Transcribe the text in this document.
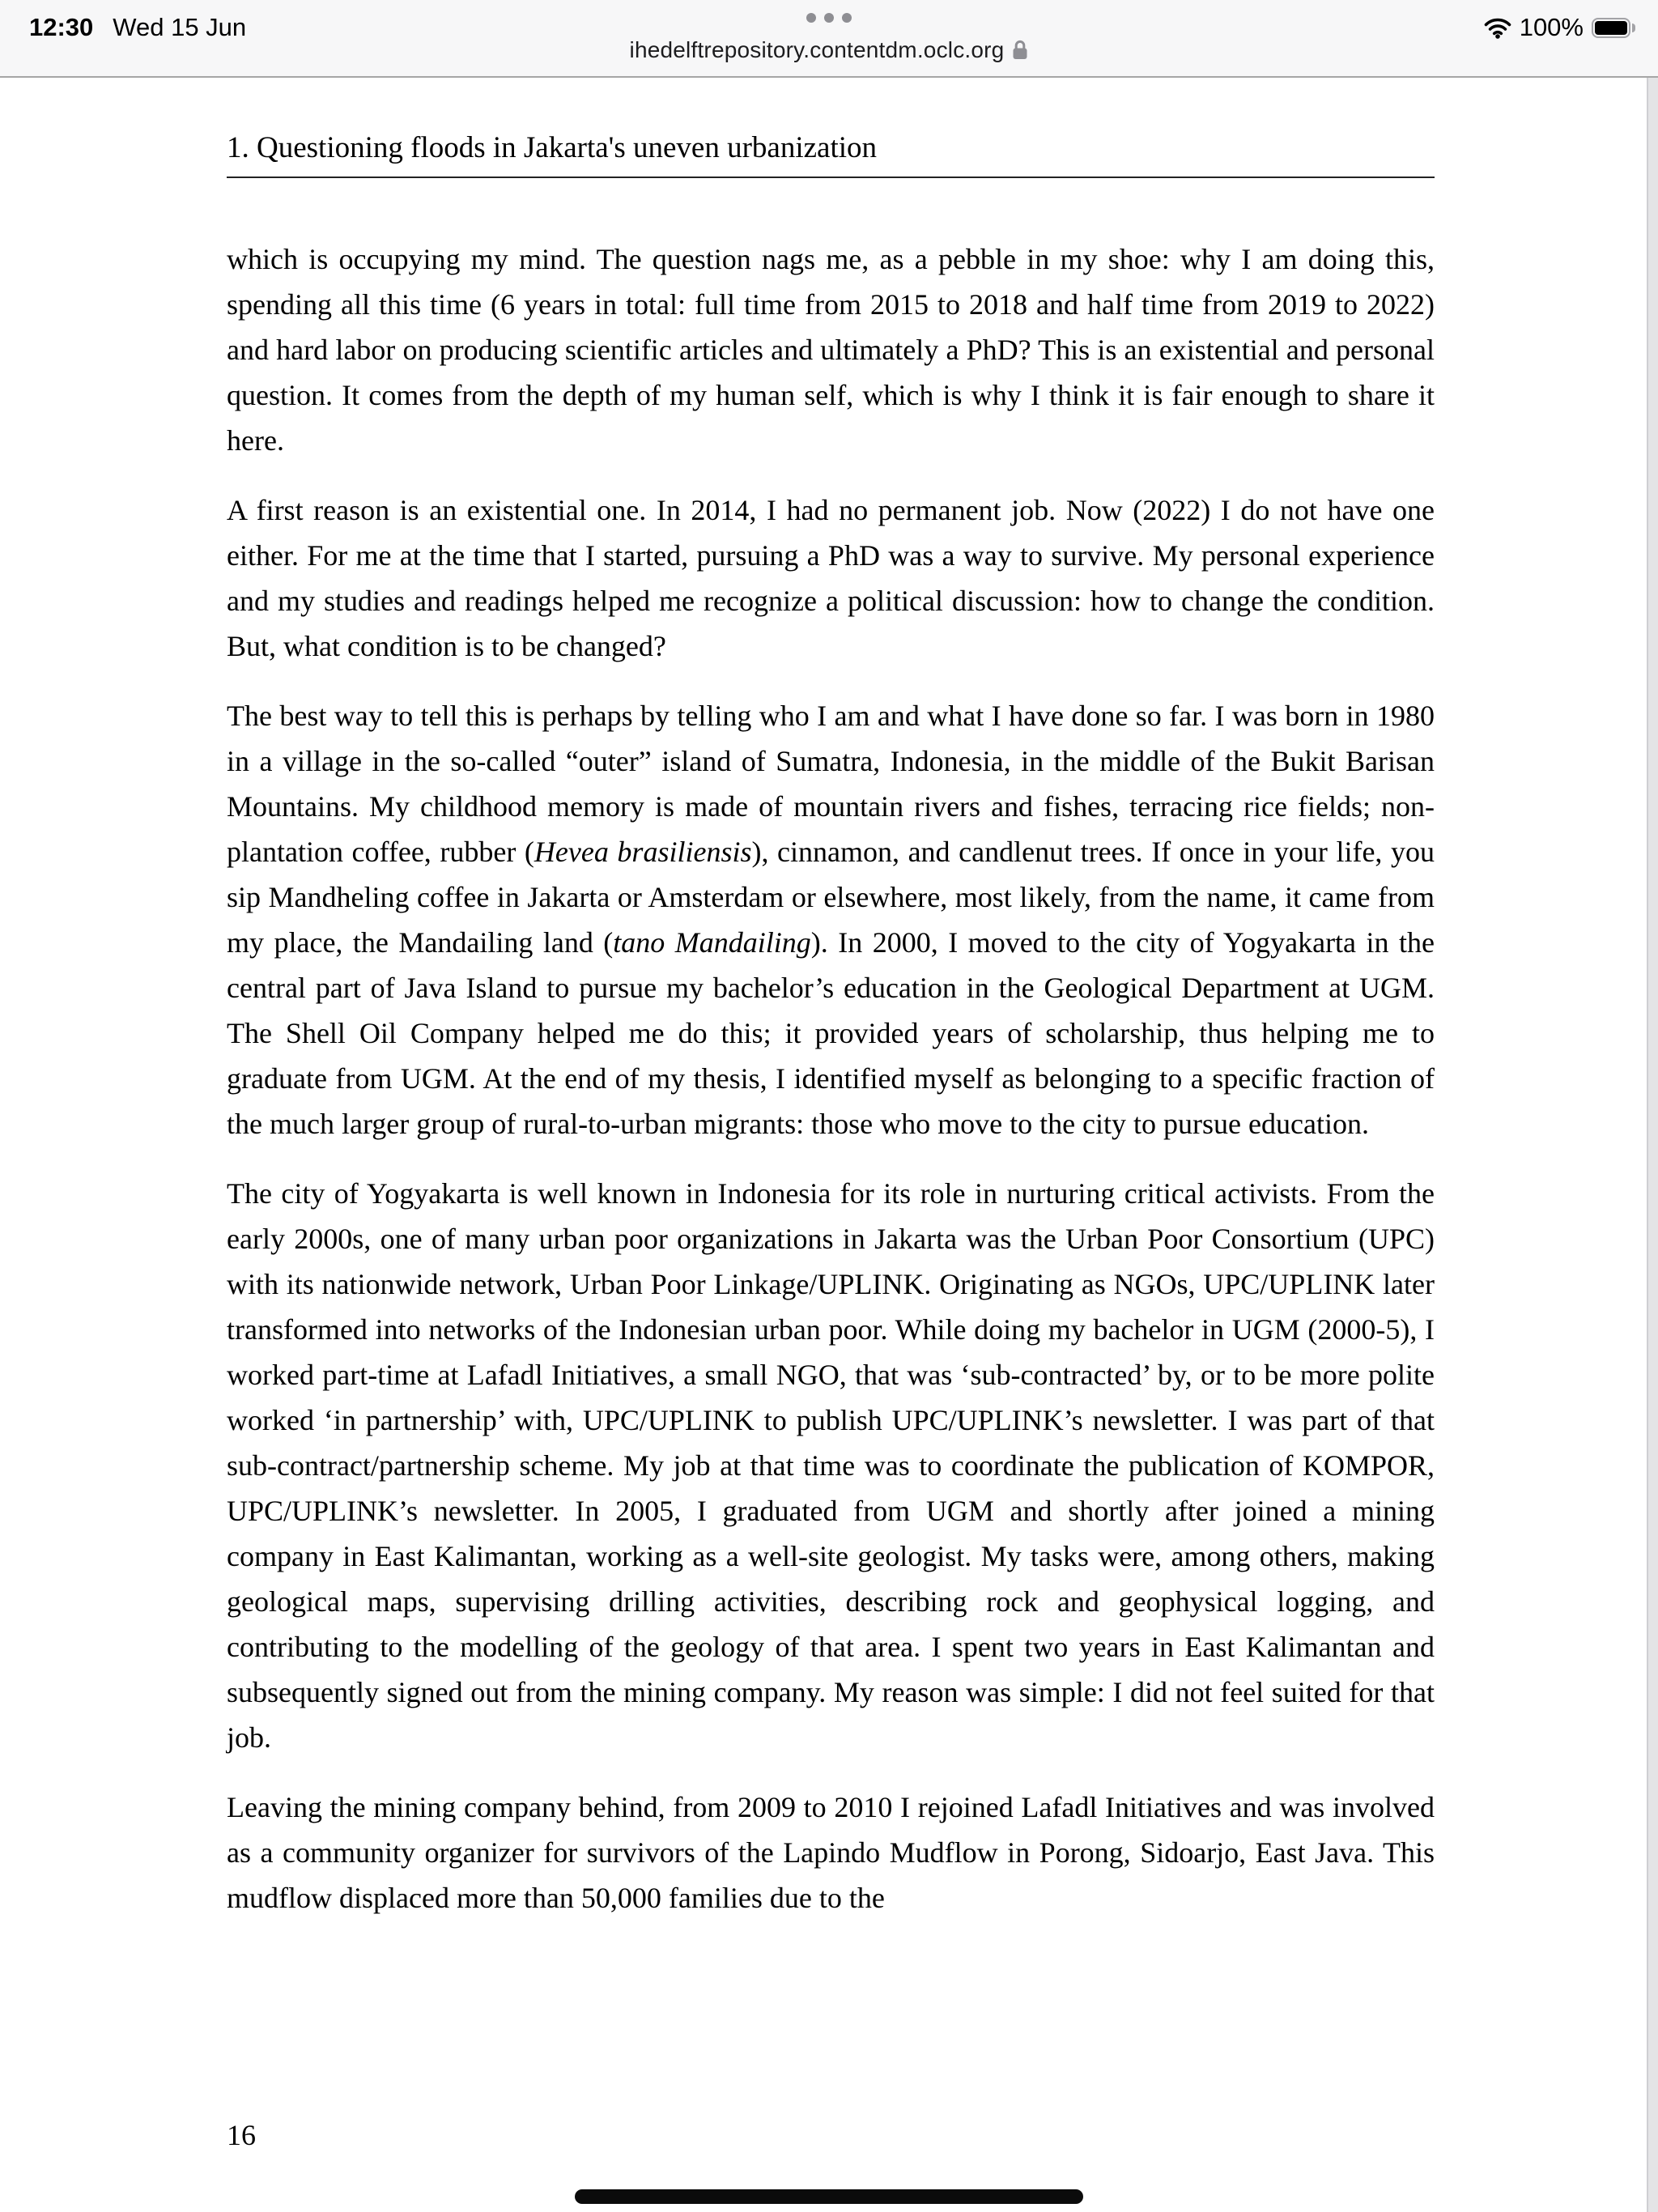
12:30 Wed 15 Jun	100%
ihedelftrepository.contentdm.oclc.org
1. Questioning floods in Jakarta's uneven urbanization

which is occupying my mind. The question nags me, as a pebble in my shoe: why I am doing this, spending all this time (6 years in total: full time from 2015 to 2018 and half time from 2019 to 2022) and hard labor on producing scientific articles and ultimately a PhD? This is an existential and personal question. It comes from the depth of my human self, which is why I think it is fair enough to share it here.

A first reason is an existential one. In 2014, I had no permanent job. Now (2022) I do not have one either. For me at the time that I started, pursuing a PhD was a way to survive. My personal experience and my studies and readings helped me recognize a political discussion: how to change the condition. But, what condition is to be changed?

The best way to tell this is perhaps by telling who I am and what I have done so far. I was born in 1980 in a village in the so-called “outer” island of Sumatra, Indonesia, in the middle of the Bukit Barisan Mountains. My childhood memory is made of mountain rivers and fishes, terracing rice fields; non-plantation coffee, rubber (Hevea brasiliensis), cinnamon, and candlenut trees. If once in your life, you sip Mandheling coffee in Jakarta or Amsterdam or elsewhere, most likely, from the name, it came from my place, the Mandailing land (tano Mandailing). In 2000, I moved to the city of Yogyakarta in the central part of Java Island to pursue my bachelor’s education in the Geological Department at UGM. The Shell Oil Company helped me do this; it provided years of scholarship, thus helping me to graduate from UGM. At the end of my thesis, I identified myself as belonging to a specific fraction of the much larger group of rural-to-urban migrants: those who move to the city to pursue education.

The city of Yogyakarta is well known in Indonesia for its role in nurturing critical activists. From the early 2000s, one of many urban poor organizations in Jakarta was the Urban Poor Consortium (UPC) with its nationwide network, Urban Poor Linkage/UPLINK. Originating as NGOs, UPC/UPLINK later transformed into networks of the Indonesian urban poor. While doing my bachelor in UGM (2000-5), I worked part-time at Lafadl Initiatives, a small NGO, that was ‘sub-contracted’ by, or to be more polite worked ‘in partnership’ with, UPC/UPLINK to publish UPC/UPLINK’s newsletter. I was part of that sub-contract/partnership scheme. My job at that time was to coordinate the publication of KOMPOR, UPC/UPLINK’s newsletter. In 2005, I graduated from UGM and shortly after joined a mining company in East Kalimantan, working as a well-site geologist. My tasks were, among others, making geological maps, supervising drilling activities, describing rock and geophysical logging, and contributing to the modelling of the geology of that area. I spent two years in East Kalimantan and subsequently signed out from the mining company. My reason was simple: I did not feel suited for that job.

Leaving the mining company behind, from 2009 to 2010 I rejoined Lafadl Initiatives and was involved as a community organizer for survivors of the Lapindo Mudflow in Porong, Sidoarjo, East Java. This mudflow displaced more than 50,000 families due to the

16
